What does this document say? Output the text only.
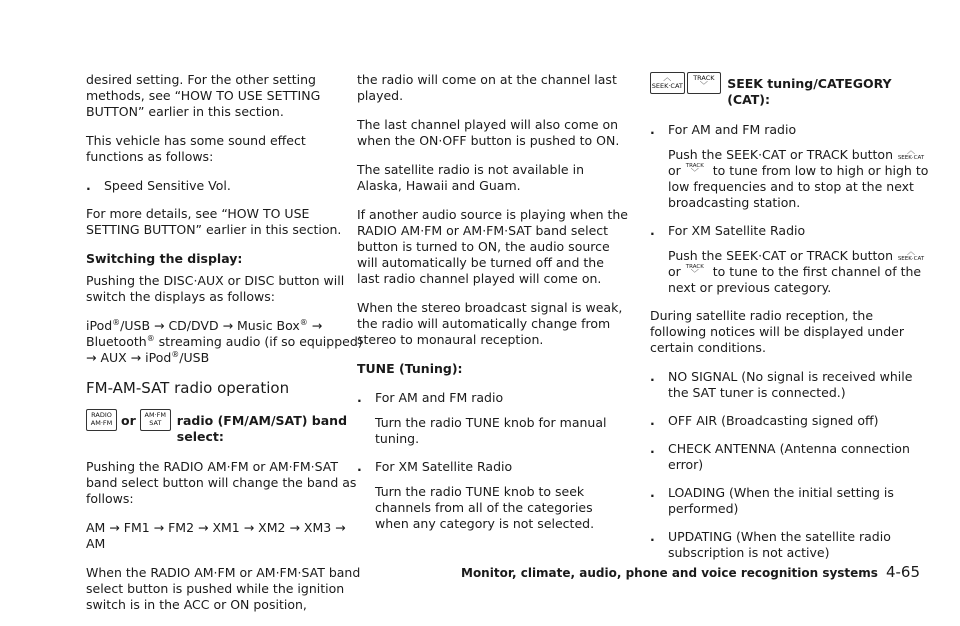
desired setting. For the other setting methods, see “HOW TO USE SETTING BUTTON” earlier in this section.

This vehicle has some sound effect functions as follows:

. Speed Sensitive Vol.

For more details, see “HOW TO USE SETTING BUTTON” earlier in this section.

Switching the display:

Pushing the DISC·AUX or DISC button will switch the displays as follows:

iPod®/USB → CD/DVD → Music Box® → Bluetooth® streaming audio (if so equipped) → AUX → iPod®/USB

FM-AM-SAT radio operation
RADIO AM·FM or	AM·FM SAT	radio (FM/AM/SAT) band select:

Pushing the RADIO AM·FM or AM·FM·SAT band select button will change the band as follows:

AM → FM1 → FM2 → XM1 → XM2 → XM3 → AM

When the RADIO AM·FM or AM·FM·SAT band select button is pushed while the ignition switch is in the ACC or ON position,

the radio will come on at the channel last played.

The last channel played will also come on when the ON·OFF button is pushed to ON.

The satellite radio is not available in Alaska, Hawaii and Guam.

If another audio source is playing when the RADIO AM·FM or AM·FM·SAT band select button is turned to ON, the audio source will automatically be turned off and the last radio channel played will come on.

When the stereo broadcast signal is weak, the radio will automatically change from stereo to monaural reception.

TUNE (Tuning):

. For AM and FM radio

Turn the radio TUNE knob for manual tuning.

. For XM Satellite Radio

Turn the radio TUNE knob to seek channels from all of the categories when any category is not selected.

︿
SEEK·CAT
TRACK
﹀	SEEK tuning/CATEGORY (CAT):
. For AM and FM radio

Push the SEEK·CAT or TRACK button	︿
SEEK·CATor TRACK
﹀	to tune from low to high or high to low frequencies and to stop at the next broadcasting station.

. For XM Satellite Radio

Push the SEEK·CAT or TRACK button	︿
SEEK·CATor TRACK
﹀	to tune to the first channel of the next or previous category.

During satellite radio reception, the following notices will be displayed under certain conditions.

. NO SIGNAL (No signal is received while the SAT tuner is connected.)
. OFF AIR (Broadcasting signed off)
. CHECK ANTENNA (Antenna connection error)
. LOADING (When the initial setting is performed)
. UPDATING (When the satellite radio subscription is not active)
Monitor, climate, audio, phone and voice recognition systems 4-65
